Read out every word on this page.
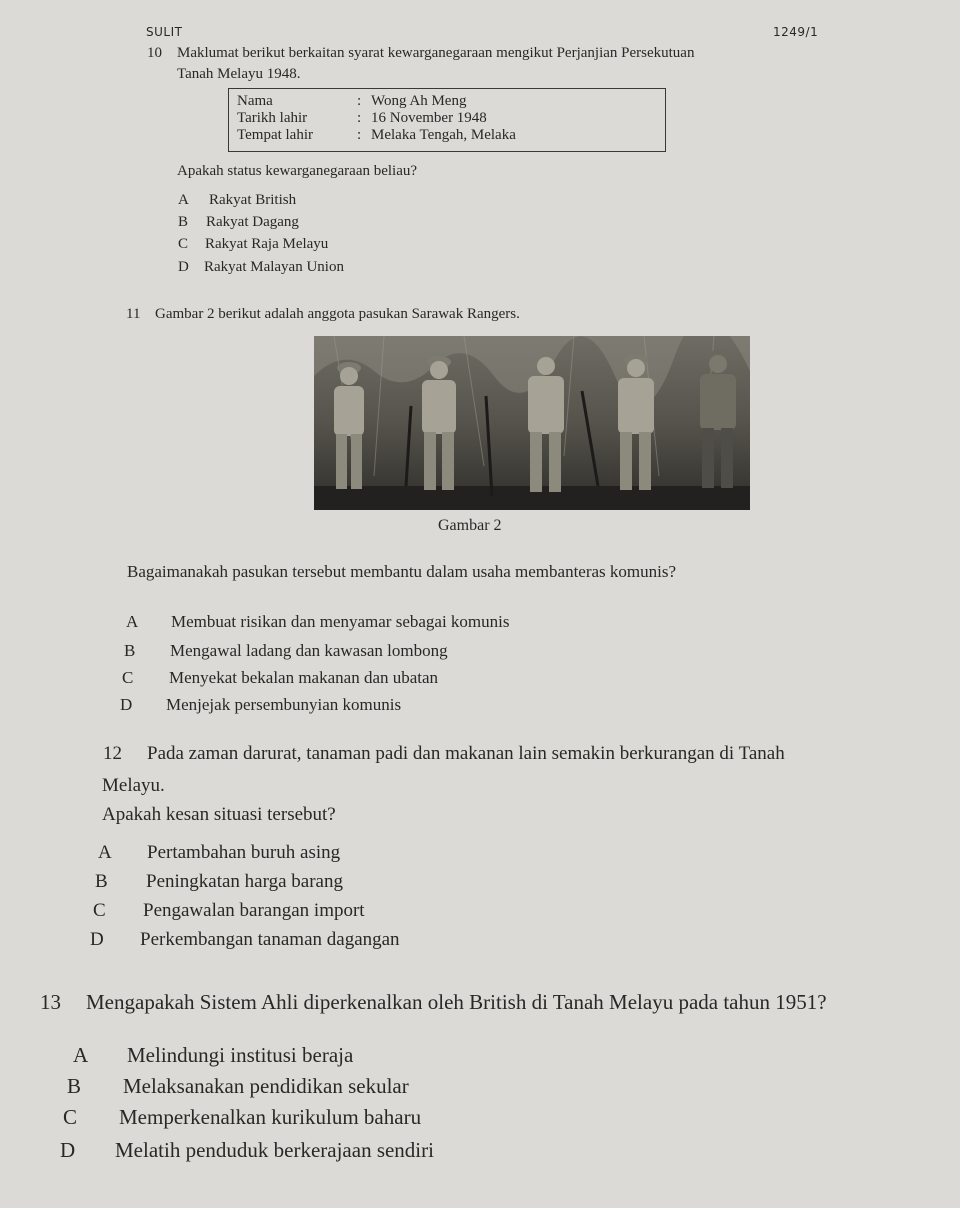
SULIT	1249/1
10 Maklumat berikut berkaitan syarat kewarganegaraan mengikut Perjanjian Persekutuan
Tanah Melayu 1948.
Nama	: Wong Ah Meng
Tarikh lahir	: 16 November 1948
Tempat lahir	: Melaka Tengah, Melaka
Apakah status kewarganegaraan beliau?
A Rakyat British
B Rakyat Dagang
C Rakyat Raja Melayu
D Rakyat Malayan Union
11 Gambar 2 berikut adalah anggota pasukan Sarawak Rangers.
Gambar 2
Bagaimanakah pasukan tersebut membantu dalam usaha membanteras komunis?
A Membuat risikan dan menyamar sebagai komunis
B Mengawal ladang dan kawasan lombong
C Menyekat bekalan makanan dan ubatan
D Menjejak persembunyian komunis
12 Pada zaman darurat, tanaman padi dan makanan lain semakin berkurangan di Tanah
Melayu.
Apakah kesan situasi tersebut?
A Pertambahan buruh asing
B Peningkatan harga barang
C Pengawalan barangan import
D Perkembangan tanaman dagangan
13 Mengapakah Sistem Ahli diperkenalkan oleh British di Tanah Melayu pada tahun 1951?
A Melindungi institusi beraja
B Melaksanakan pendidikan sekular
C Memperkenalkan kurikulum baharu
D Melatih penduduk berkerajaan sendiri
